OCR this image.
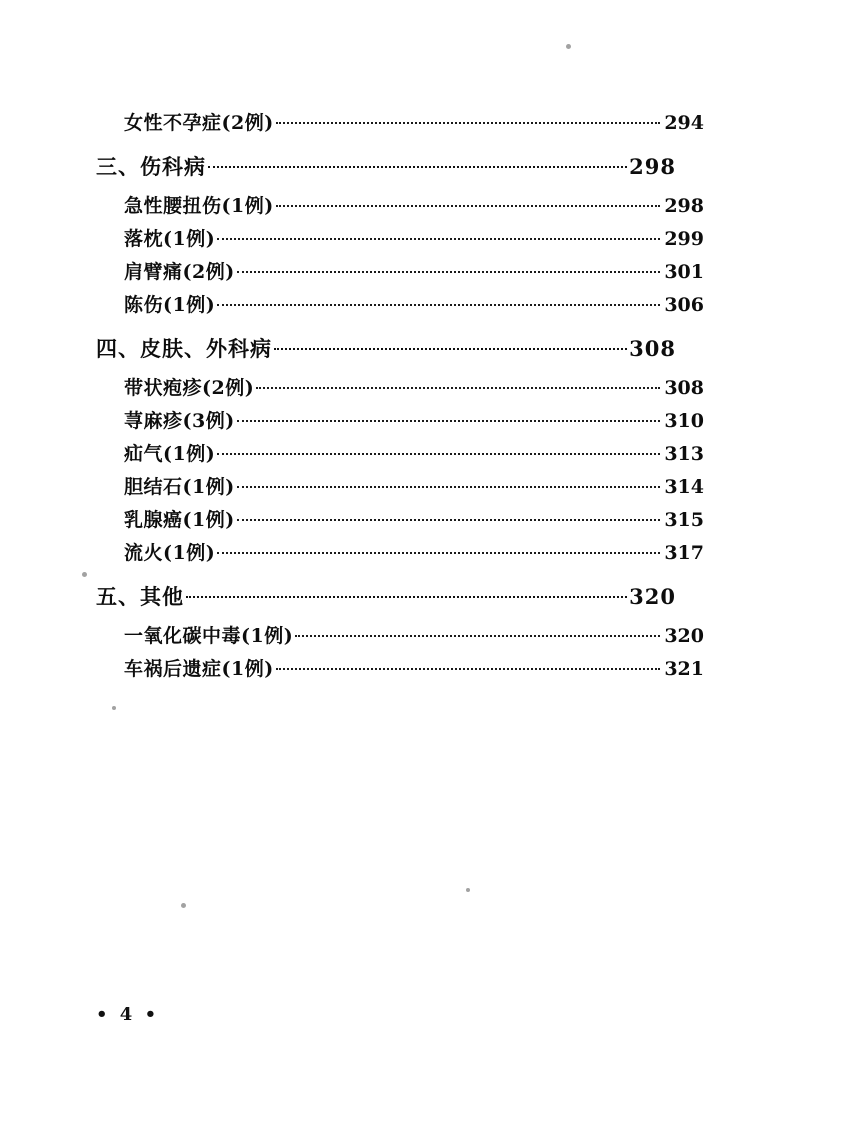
女性不孕症(2例)	294
三、伤科病	298
急性腰扭伤(1例)	298
落枕(1例)	299
肩臂痛(2例)	301
陈伤(1例)	306
四、皮肤、外科病	308
带状疱疹(2例)	308
荨麻疹(3例)	310
疝气(1例)	313
胆结石(1例)	314
乳腺癌(1例)	315
流火(1例)	317
五、其他	320
一氧化碳中毒(1例)	320
车祸后遗症(1例)	321
• 4 •
